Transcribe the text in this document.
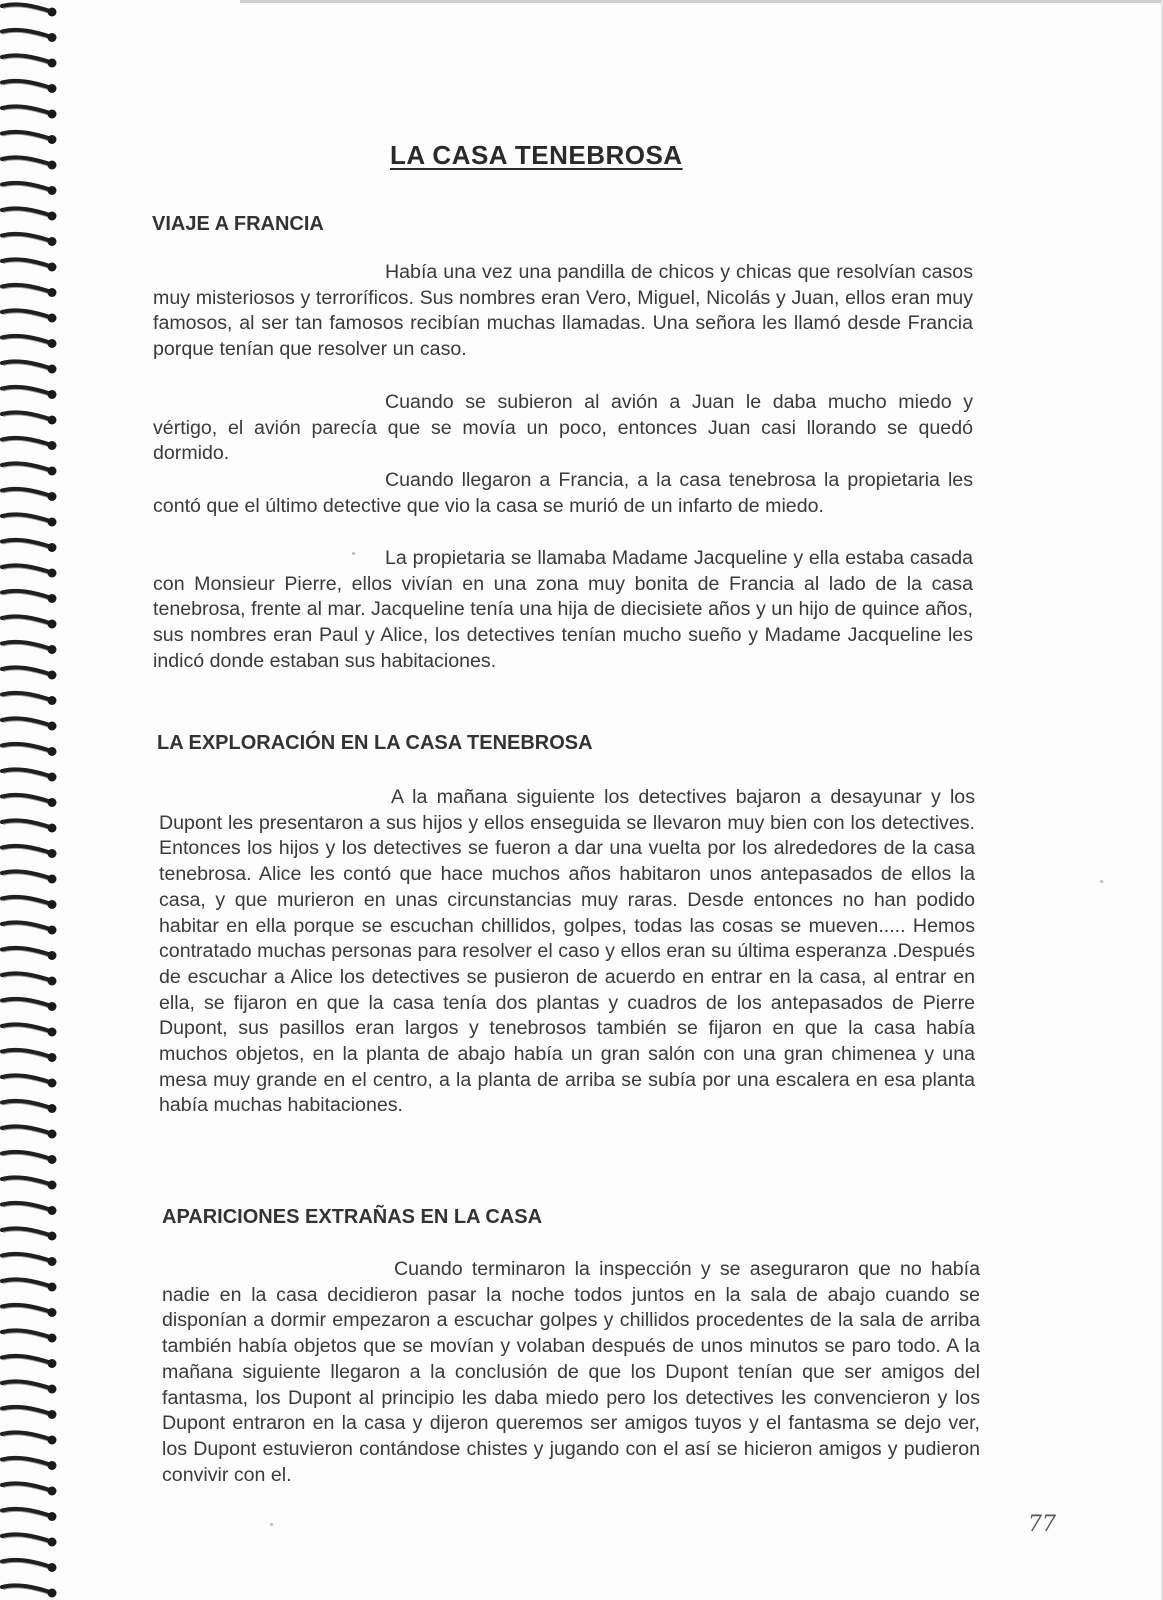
LA CASA TENEBROSA
VIAJE A FRANCIA

Había una vez una pandilla de chicos y chicas que resolvían casos muy misteriosos y terroríficos. Sus nombres eran Vero, Miguel, Nicolás y Juan, ellos eran muy famosos, al ser tan famosos recibían muchas llamadas. Una señora les llamó desde Francia porque tenían que resolver un caso.

Cuando se subieron al avión a Juan le daba mucho miedo y vértigo, el avión parecía que se movía un poco, entonces Juan casi llorando se quedó dormido.

Cuando llegaron a Francia, a la casa tenebrosa la propietaria les contó que el último detective que vio la casa se murió de un infarto de miedo.

La propietaria se llamaba Madame Jacqueline y ella estaba casada con Monsieur Pierre, ellos vivían en una zona muy bonita de Francia al lado de la casa tenebrosa, frente al mar. Jacqueline tenía una hija de diecisiete años y un hijo de quince años, sus nombres eran Paul y Alice, los detectives tenían mucho sueño y Madame Jacqueline les indicó donde estaban sus habitaciones.

LA EXPLORACIÓN EN LA CASA TENEBROSA

A la mañana siguiente los detectives bajaron a desayunar y los Dupont les presentaron a sus hijos y ellos enseguida se llevaron muy bien con los detectives. Entonces los hijos y los detectives se fueron a dar una vuelta por los alrededores de la casa tenebrosa. Alice les contó que hace muchos años habitaron unos antepasados de ellos la casa, y que murieron en unas circunstancias muy raras. Desde entonces no han podido habitar en ella porque se escuchan chillidos, golpes, todas las cosas se mueven..... Hemos contratado muchas personas para resolver el caso y ellos eran su última esperanza .Después de escuchar a Alice los detectives se pusieron de acuerdo en entrar en la casa, al entrar en ella, se fijaron en que la casa tenía dos plantas y cuadros de los antepasados de Pierre Dupont, sus pasillos eran largos y tenebrosos también se fijaron en que la casa había muchos objetos, en la planta de abajo había un gran salón con una gran chimenea y una mesa muy grande en el centro, a la planta de arriba se subía por una escalera en esa planta había muchas habitaciones.

APARICIONES EXTRAÑAS EN LA CASA

Cuando terminaron la inspección y se aseguraron que no había nadie en la casa decidieron pasar la noche todos juntos en la sala de abajo cuando se disponían a dormir empezaron a escuchar golpes y chillidos procedentes de la sala de arriba también había objetos que se movían y volaban después de unos minutos se paro todo. A la mañana siguiente llegaron a la conclusión de que los Dupont tenían que ser amigos del fantasma, los Dupont al principio les daba miedo pero los detectives les convencieron y los Dupont entraron en la casa y dijeron queremos ser amigos tuyos y el fantasma se dejo ver, los Dupont estuvieron contándose chistes y jugando con el así se hicieron amigos y pudieron convivir con el.

77
